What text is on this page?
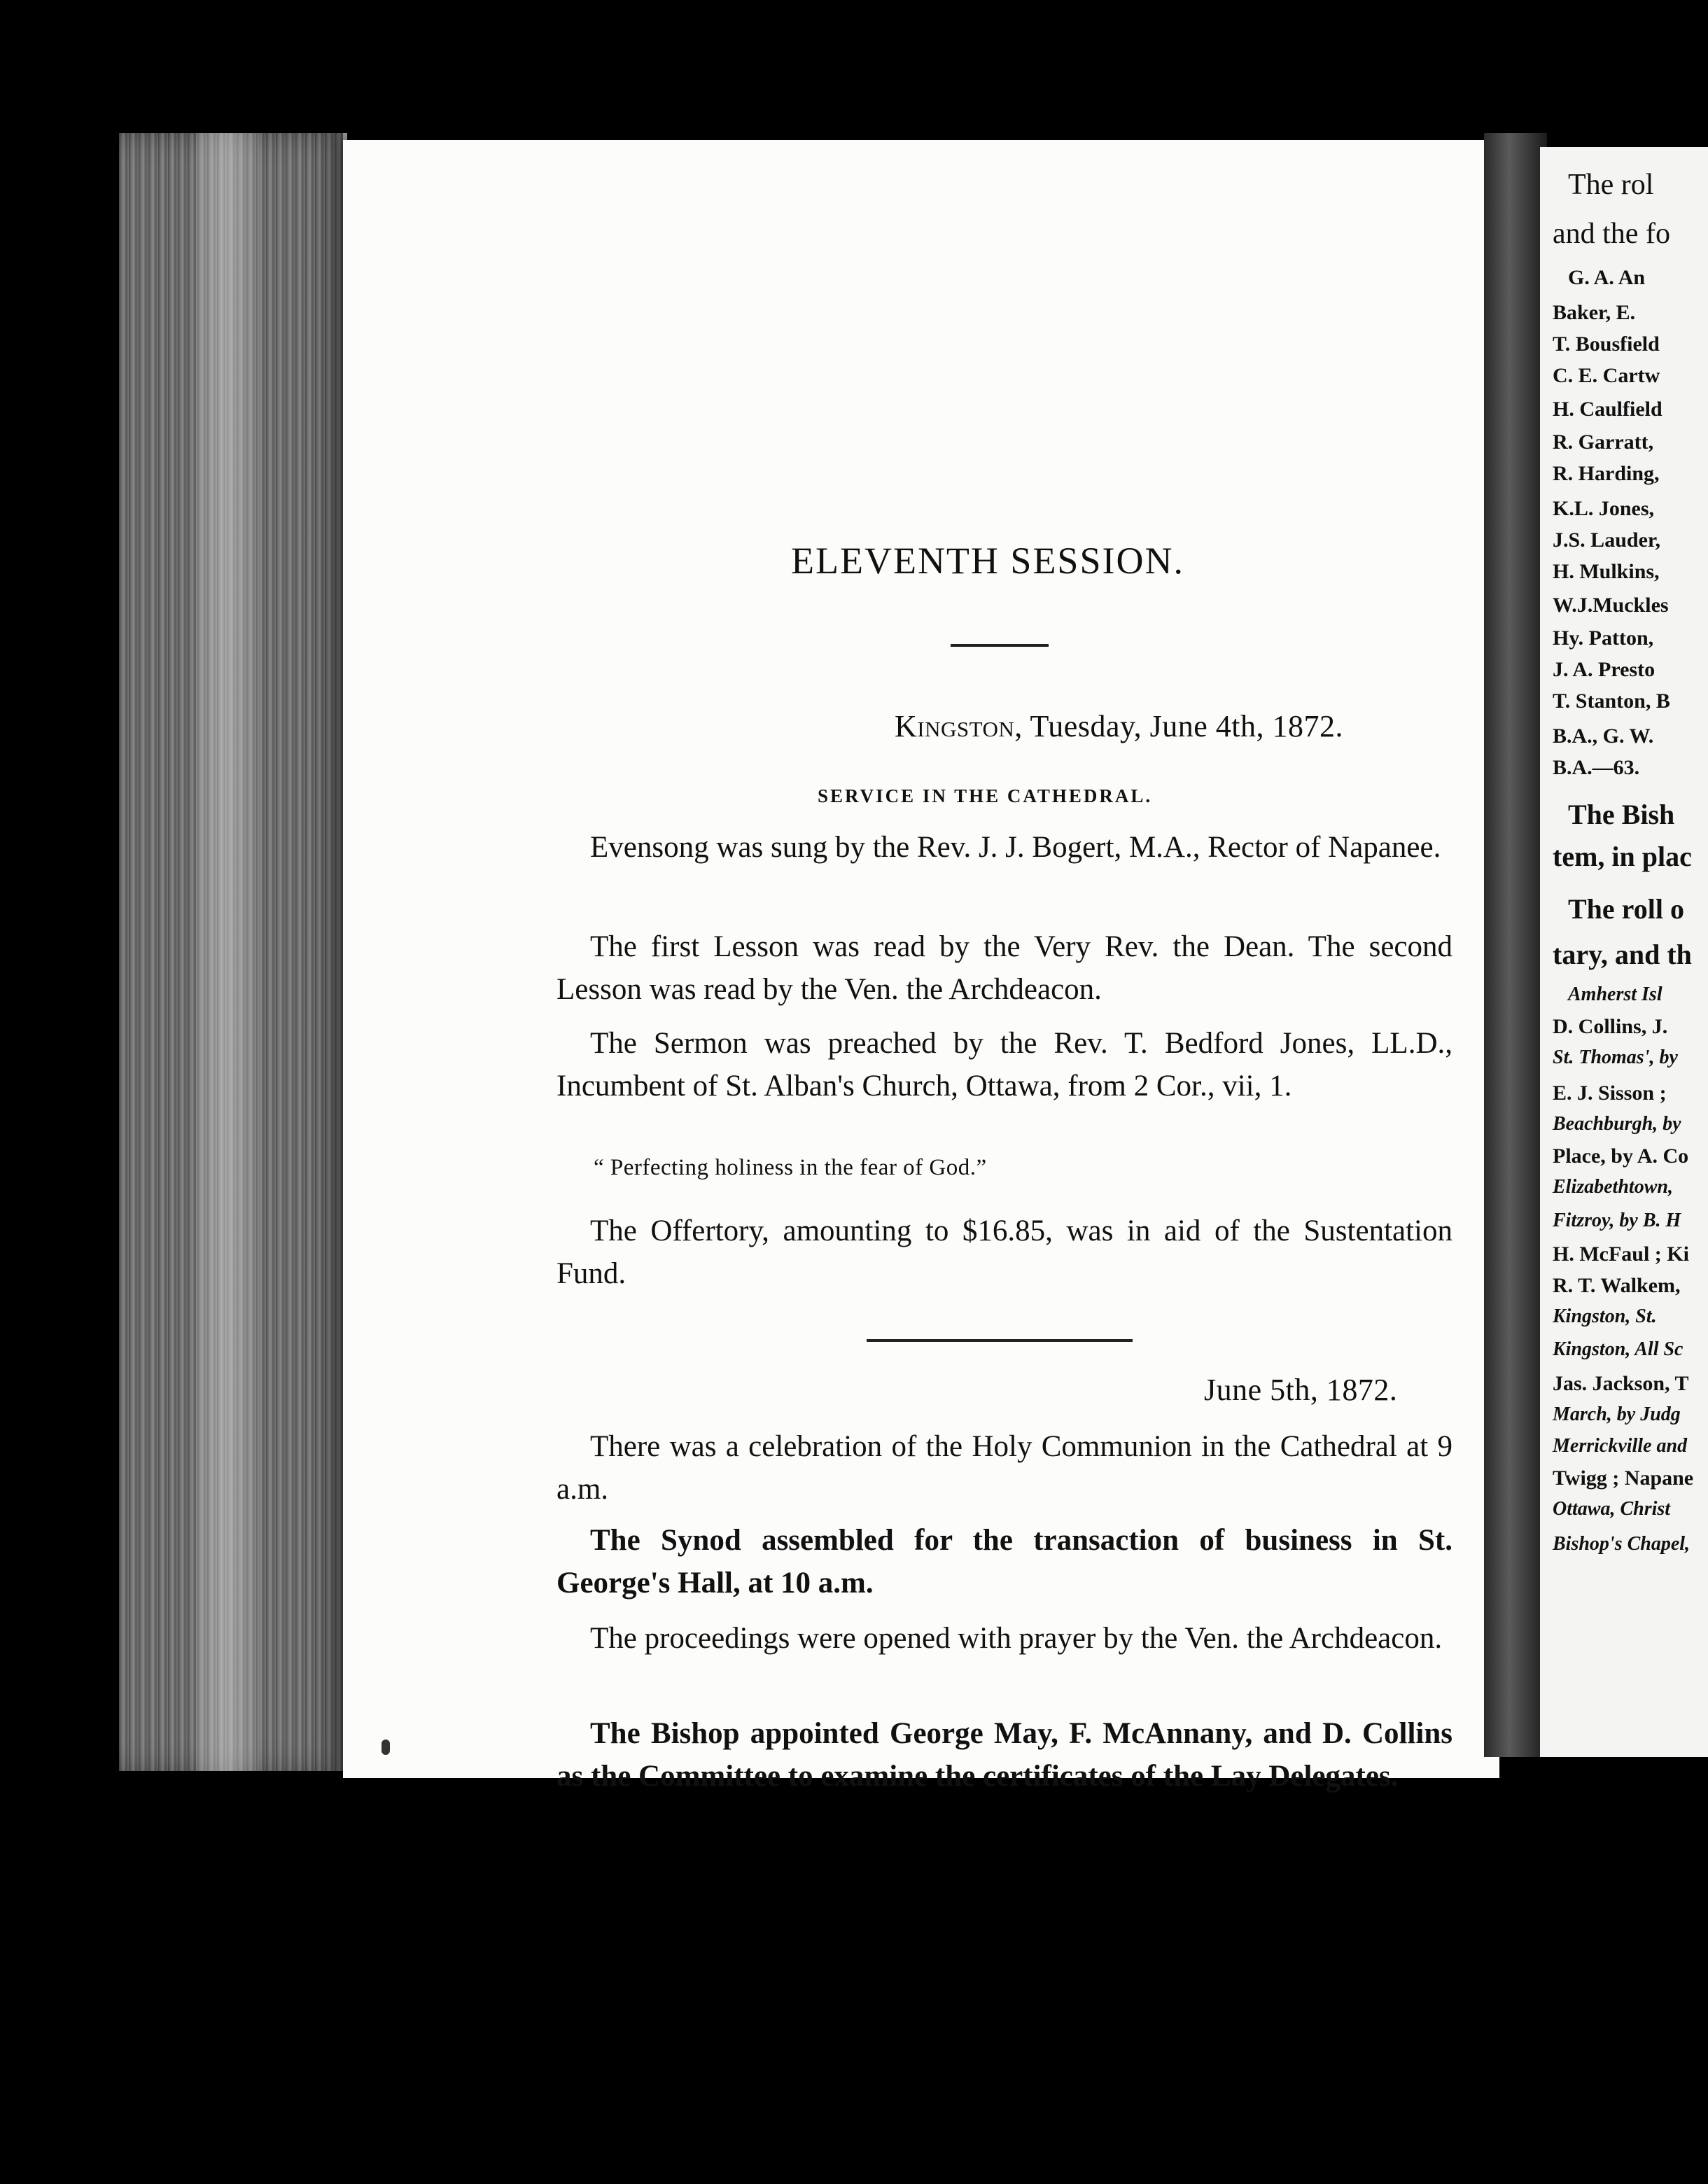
The rol
and the fo
G. A. An
Baker, E.
T. Bousfield
C. E. Cartw
H. Caulfield
R. Garratt,
R. Harding,
K.L. Jones,
J.S. Lauder,
H. Mulkins,
W.J.Muckles
Hy. Patton,
J. A. Presto
T. Stanton, B
B.A., G. W.
B.A.—63.
The Bish
tem, in plac
The roll o
tary, and th
Amherst Isl
D. Collins, J.
St. Thomas', by
E. J. Sisson ;
Beachburgh, by
Place, by A. Co
Elizabethtown,
Fitzroy, by B. H
H. McFaul ; Ki
R. T. Walkem,
Kingston, St.
Kingston, All Sc
Jas. Jackson, T
March, by Judg
Merrickville and
Twigg ; Napane
Ottawa, Christ
Bishop's Chapel,
ELEVENTH SESSION.
Kingston, Tuesday, June 4th, 1872.
SERVICE IN THE CATHEDRAL.

Evensong was sung by the Rev. J. J. Bogert, M.A., Rector of Napanee.

The first Lesson was read by the Very Rev. the Dean. The second Lesson was read by the Ven. the Archdeacon.

The Sermon was preached by the Rev. T. Bedford Jones, LL.D., Incumbent of St. Alban's Church, Ottawa, from 2 Cor., vii, 1.

“ Perfecting holiness in the fear of God.”

The Offertory, amounting to $16.85, was in aid of the Sustentation Fund.

June 5th, 1872.

There was a celebration of the Holy Communion in the Cathedral at 9 a.m.

The Synod assembled for the transaction of business in St. George's Hall, at 10 a.m.

The proceedings were opened with prayer by the Ven. the Archdeacon.

The Bishop appointed George May, F. McAnnany, and D. Collins as the Committee to examine the certificates of the Lay Delegates.
